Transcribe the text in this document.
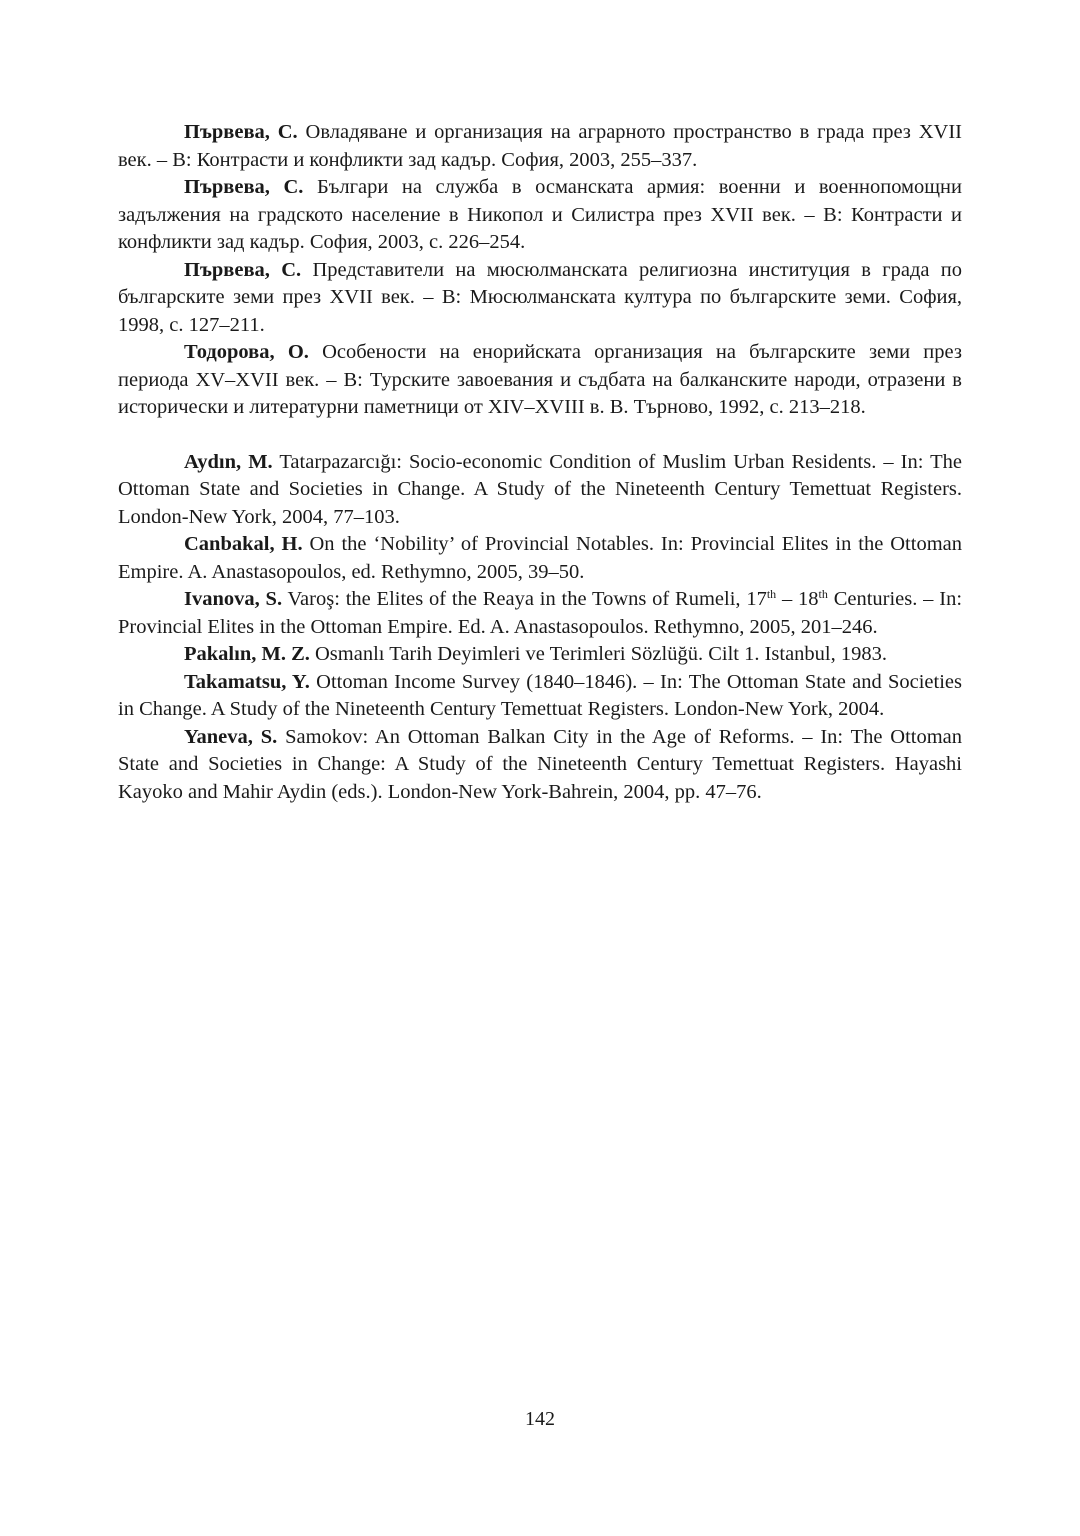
Първева, С. Овладяване и организация на аграрното пространство в града през XVII век. – В: Контрасти и конфликти зад кадър. София, 2003, 255–337.

Първева, С. Българи на служба в османската армия: военни и военнопомощни задължения на градското население в Никопол и Силистра през XVII век. – В: Контрасти и конфликти зад кадър. София, 2003, с. 226–254.

Първева, С. Представители на мюсюлманската религиозна институция в града по българските земи през XVII век. – В: Мюсюлманската култура по българските земи. София, 1998, с. 127–211.

Тодорова, О. Особености на енорийската организация на българските земи през периода XV–XVII век. – В: Турските завоевания и съдбата на балканските народи, отразени в исторически и литературни паметници от XIV–XVIII в. В. Търново, 1992, с. 213–218.

Aydın, M. Tatarpazarcığı: Socio-economic Condition of Muslim Urban Residents. – In: The Ottoman State and Societies in Change. A Study of the Nineteenth Century Temettuat Registers. London-New York, 2004, 77–103.

Canbakal, H. On the ‘Nobility’ of Provincial Notables. In: Provincial Elites in the Ottoman Empire. A. Anastasopoulos, ed. Rethymno, 2005, 39–50.

Ivanova, S. Varoş: the Elites of the Reaya in the Towns of Rumeli, 17th – 18th Centuries. – In: Provincial Elites in the Ottoman Empire. Ed. A. Anastasopoulos. Rethymno, 2005, 201–246.

Pakalın, M. Z. Osmanlı Tarih Deyimleri ve Terimleri Sözlüğü. Cilt 1. Istanbul, 1983.

Takamatsu, Y. Ottoman Income Survey (1840–1846). – In: The Ottoman State and Societies in Change. A Study of the Nineteenth Century Temettuat Registers. London-New York, 2004.

Yaneva, S. Samokov: An Ottoman Balkan City in the Age of Reforms. – In: The Ottoman State and Societies in Change: A Study of the Nineteenth Century Temettuat Registers. Hayashi Kayoko and Mahir Aydin (eds.). London-New York-Bahrein, 2004, pp. 47–76.

142
